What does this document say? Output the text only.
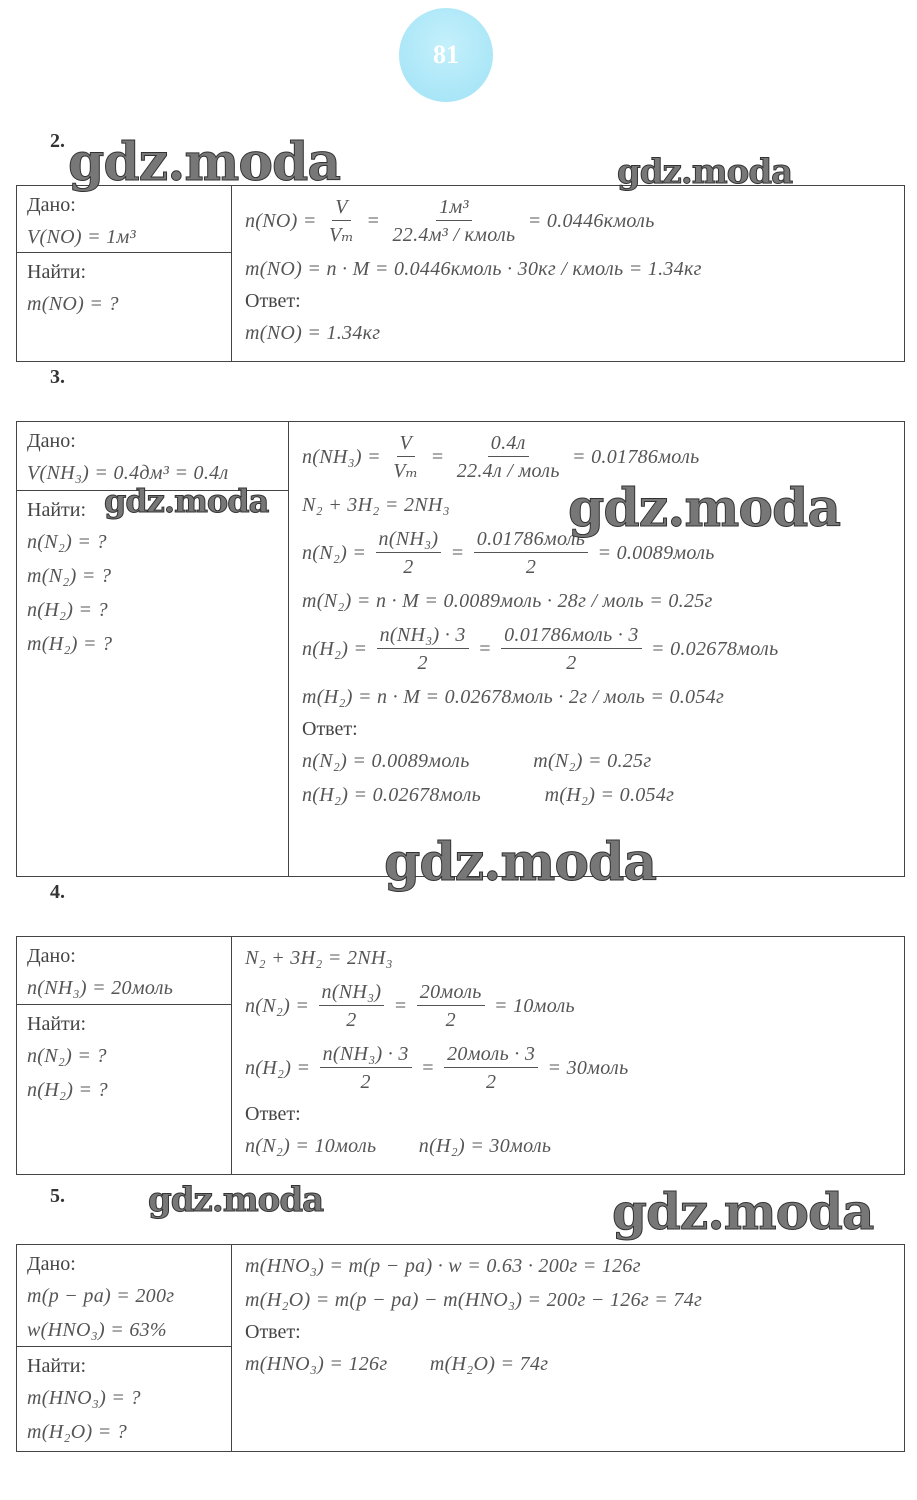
81
2.
Дано:
V(NO) = 1м³
Найти:
m(NO) = ?
$n(NO) = \frac{V}{\text{Vₘ}} = \frac{\text{1м³}}{\text{22.4м³ / кмоль}}$ = 0.0446кмоль
m(NO) = n · M = 0.0446кмоль · 30кг / кмоль = 1.34кг
Ответ:
m(NO) = 1.34кг
3.
Дано:
V(NH₃) = 0.4дм³ = 0.4л
Найти:
n(N₂) = ?
m(N₂) = ?
n(H₂) = ?
m(H₂) = ?
$n(NH_3) = \frac{V}{\text{Vₘ}} = \frac{0.4л}{\text{22.4л / моль}}$ = 0.01786моль
N₂ + 3H₂ = 2NH₃
$n(N_2) = \frac{\text{n(NH₃)}}{2} = \frac{\text{0.01786моль}}{2}$ = 0.0089моль
m(N₂) = n · M = 0.0089моль · 28г / моль = 0.25г
$n(H_2) = \frac{\text{n(NH₃) · 3}}{2} = \frac{\text{0.01786моль · 3}}{2}$ = 0.02678моль
m(H₂) = n · M = 0.02678моль · 2г / моль = 0.054г
Ответ:
n(N₂) = 0.0089моль            m(N₂) = 0.25г
n(H₂) = 0.02678моль            m(H₂) = 0.054г
4.
Дано:
n(NH₃) = 20моль
Найти:
n(N₂) = ?
n(H₂) = ?
N₂ + 3H₂ = 2NH₃
$n(N_2) = \frac{\text{n(NH₃)}}{2} = \frac{\text{20моль}}{2}$ = 10моль
$n(H_2) = \frac{\text{n(NH₃) · 3}}{2} = \frac{\text{20моль · 3}}{2}$ = 30моль
Ответ:
n(N₂) = 10моль        n(H₂) = 30моль
5.
Дано:
m(p − pa) = 200г
w(HNO₃) = 63%
Найти:
m(HNO₃) = ?
m(H₂O) = ?
m(HNO₃) = m(p − pa) · w = 0.63 · 200г = 126г
m(H₂O) = m(p − pa) − m(HNO₃) = 200г − 126г = 74г
Ответ:
m(HNO₃) = 126г        m(H₂O) = 74г
gdz.moda	gdz.moda
gdz.moda	gdz.moda
gdz.moda
gdz.moda	gdz.moda
